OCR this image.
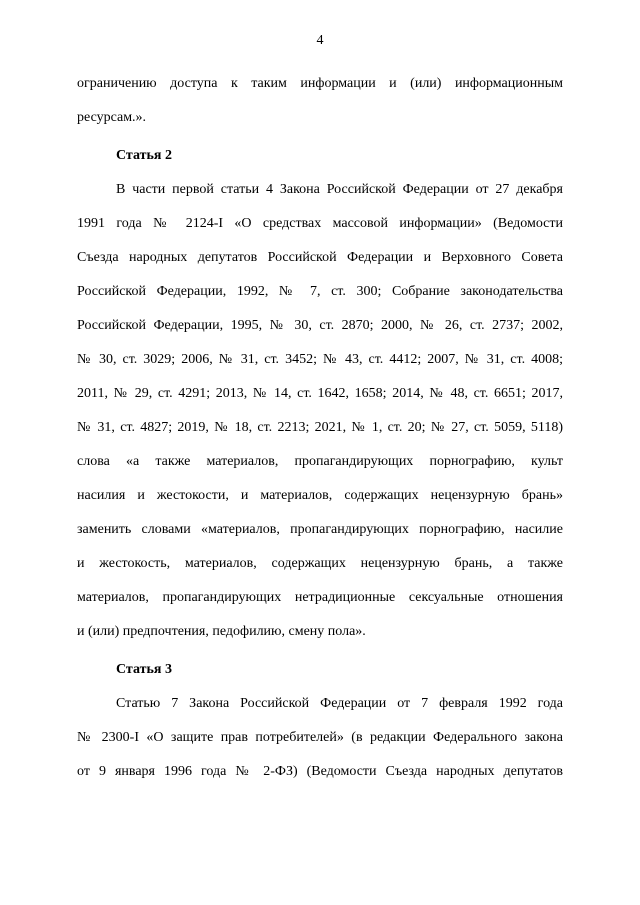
4
ограничению доступа к таким информации и (или) информационным
ресурсам.».
Статья 2
В части первой статьи 4 Закона Российской Федерации от 27 декабря
1991 года № 2124-I «О средствах массовой информации» (Ведомости
Съезда народных депутатов Российской Федерации и Верховного Совета
Российской Федерации, 1992, № 7, ст. 300; Собрание законодательства
Российской Федерации, 1995, № 30, ст. 2870; 2000, № 26, ст. 2737; 2002,
№ 30, ст. 3029; 2006, № 31, ст. 3452; № 43, ст. 4412; 2007, № 31, ст. 4008;
2011, № 29, ст. 4291; 2013, № 14, ст. 1642, 1658; 2014, № 48, ст. 6651; 2017,
№ 31, ст. 4827; 2019, № 18, ст. 2213; 2021, № 1, ст. 20; № 27, ст. 5059, 5118)
слова «а также материалов, пропагандирующих порнографию, культ
насилия и жестокости, и материалов, содержащих нецензурную брань»
заменить словами «материалов, пропагандирующих порнографию, насилие
и жестокость, материалов, содержащих нецензурную брань, а также
материалов, пропагандирующих нетрадиционные сексуальные отношения
и (или) предпочтения, педофилию, смену пола».
Статья 3
Статью 7 Закона Российской Федерации от 7 февраля 1992 года
№ 2300-I «О защите прав потребителей» (в редакции Федерального закона
от 9 января 1996 года № 2-ФЗ) (Ведомости Съезда народных депутатов
